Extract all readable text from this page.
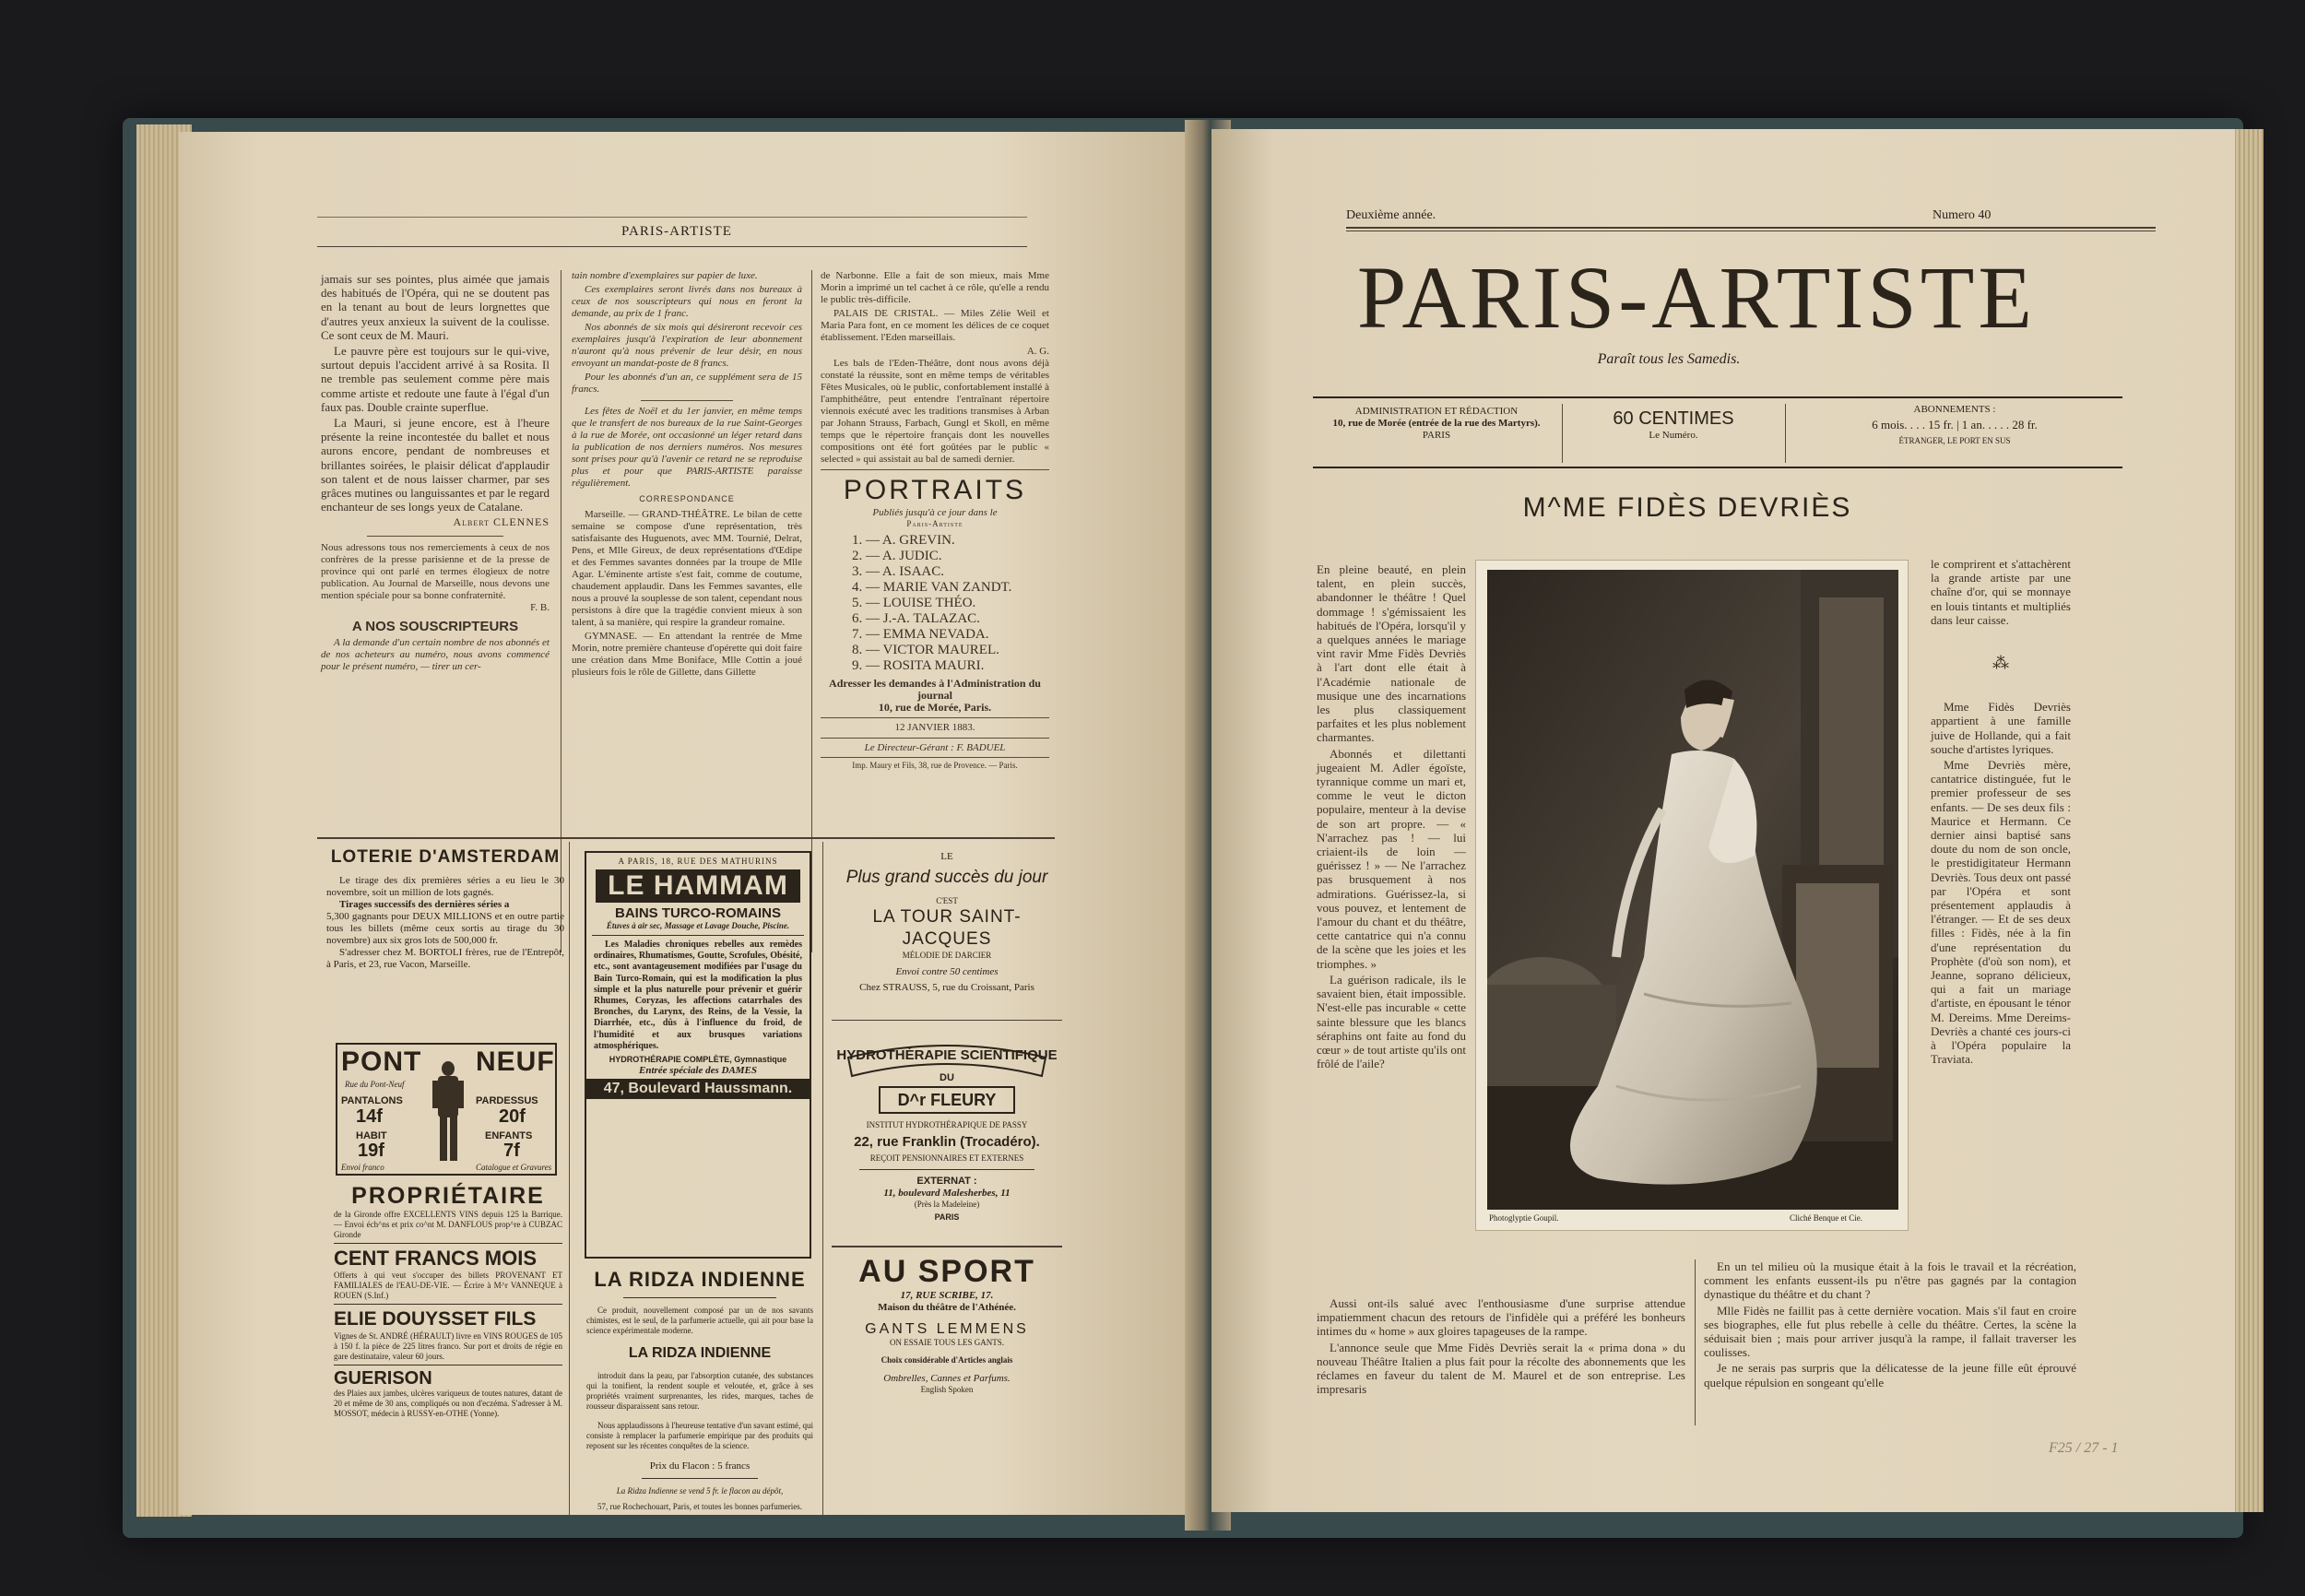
PARIS-ARTISTE

jamais sur ses pointes, plus aimée que jamais des habitués de l'Opéra, qui ne se doutent pas en la tenant au bout de leurs lorgnettes que d'autres yeux anxieux la suivent de la coulisse. Ce sont ceux de M. Mauri.

Le pauvre père est toujours sur le qui-vive, surtout depuis l'accident arrivé à sa Rosita. Il ne tremble pas seulement comme père mais comme artiste et redoute une faute à l'égal d'un faux pas. Double crainte superflue.

La Mauri, si jeune encore, est à l'heure présente la reine incontestée du ballet et nous aurons encore, pendant de nombreuses et brillantes soirées, le plaisir délicat d'applaudir son talent et de nous laisser charmer, par ses grâces mutines ou languissantes et par le regard enchanteur de ses longs yeux de Catalane.

Albert CLENNES
Nous adressons tous nos remerciements à ceux de nos confrères de la presse parisienne et de la presse de province qui ont parlé en termes élogieux de notre publication. Au Journal de Marseille, nous devons une mention spéciale pour sa bonne confraternité.
F. B.
A NOS SOUSCRIPTEURS
A la demande d'un certain nombre de nos abonnés et de nos acheteurs au numéro, nous avons commencé pour le présent numéro, — tirer un cer-

tain nombre d'exemplaires sur papier de luxe.

Ces exemplaires seront livrés dans nos bureaux à ceux de nos souscripteurs qui nous en feront la demande, au prix de 1 franc.

Nos abonnés de six mois qui désireront recevoir ces exemplaires jusqu'à l'expiration de leur abonnement n'auront qu'à nous prévenir de leur désir, en nous envoyant un mandat-poste de 8 francs.

Pour les abonnés d'un an, ce supplément sera de 15 francs.

Les fêtes de Noël et du 1er janvier, en même temps que le transfert de nos bureaux de la rue Saint-Georges à la rue de Morée, ont occasionné un léger retard dans la publication de nos derniers numéros. Nos mesures sont prises pour qu'à l'avenir ce retard ne se reproduise plus et pour que PARIS-ARTISTE paraisse régulièrement.

CORRESPONDANCE

Marseille. — GRAND-THÉÂTRE. Le bilan de cette semaine se compose d'une représentation, très satisfaisante des Huguenots, avec MM. Tournié, Delrat, Pens, et Mlle Gireux, de deux représentations d'Œdipe et des Femmes savantes données par la troupe de Mlle Agar. L'éminente artiste s'est fait, comme de coutume, chaudement applaudir. Dans les Femmes savantes, elle nous a prouvé la souplesse de son talent, cependant nous persistons à dire que la tragédie convient mieux à son talent, à sa manière, qui respire la grandeur romaine.

GYMNASE. — En attendant la rentrée de Mme Morin, notre première chanteuse d'opérette qui doit faire une création dans Mme Boniface, Mlle Cottin a joué plusieurs fois le rôle de Gillette, dans Gillette

de Narbonne. Elle a fait de son mieux, mais Mme Morin a imprimé un tel cachet à ce rôle, qu'elle a rendu le public très-difficile.

PALAIS DE CRISTAL. — Miles Zélie Weil et Maria Para font, en ce moment les délices de ce coquet établissement. l'Eden marseillais.

A. G.

Les bals de l'Eden-Théâtre, dont nous avons déjà constaté la réussite, sont en même temps de véritables Fêtes Musicales, où le public, confortablement installé à l'amphithéâtre, peut entendre l'entraînant répertoire viennois exécuté avec les traditions transmises à Arban par Johann Strauss, Farbach, Gungl et Skoll, en même temps que le répertoire français dont les nouvelles compositions ont été fort goûtées par le public « selected » qui assistait au bal de samedi dernier.

PORTRAITS
Publiés jusqu'à ce jour dans le
Paris-Artiste
1. — A. GREVIN.
2. — A. JUDIC.
3. — A. ISAAC.
4. — MARIE VAN ZANDT.
5. — LOUISE THÉO.
6. — J.-A. TALAZAC.
7. — EMMA NEVADA.
8. — VICTOR MAUREL.
9. — ROSITA MAURI.
Adresser les demandes à l'Administration du journal
10, rue de Morée, Paris.
12 JANVIER 1883.
Le Directeur-Gérant : F. BADUEL
Imp. Maury et Fils, 38, rue de Provence. — Paris.
LOTERIE D'AMSTERDAM
Le tirage des dix premières séries a eu lieu le 30 novembre, soit un million de lots gagnés.
Tirages successifs des dernières séries a
5,300 gagnants pour DEUX MILLIONS et en outre partie tous les billets (même ceux sortis au tirage du 30 novembre) aux six gros lots de 500,000 fr.
S'adresser chez M. BORTOLI frères, rue de l'Entrepôt, à Paris, et 23, rue Vacon, Marseille.
PONT NEUF
Rue du Pont-Neuf
PANTALONS
14f
PARDESSUS
20f
HABIT
19f
ENFANTS
7f
Envoi franco	Catalogue et Gravures
PROPRIÉTAIRE
de la Gironde offre EXCELLENTS VINS depuis 125 la Barrique. — Envoi éch^ns et prix co^nt M. DANFLOUS prop^re à CUBZAC Gironde
CENT FRANCS MOIS
Offerts à qui veut s'occuper des billets PROVENANT ET FAMILIALES de l'EAU-DE-VIE. — Écrire à M^r VANNEQUE à ROUEN (S.Inf.)
ELIE DOUYSSET FILS
Vignes de St. ANDRÉ (HÉRAULT) livre en VINS ROUGES de 105 à 150 f. la pièce de 225 litres franco. Sur port et droits de régie en gare destinataire, valeur 60 jours.
GUERISON
des Plaies aux jambes, ulcères variqueux de toutes natures, datant de 20 et même de 30 ans, compliqués ou non d'eczéma. S'adresser à M. MOSSOT, médecin à RUSSY-en-OTHE (Yonne).
A PARIS, 18, RUE DES MATHURINS
LE HAMMAM
BAINS TURCO-ROMAINS
Étuves à air sec, Massage et Lavage Douche, Piscine.
Les Maladies chroniques rebelles aux remèdes ordinaires, Rhumatismes, Goutte, Scrofules, Obésité, etc., sont avantageusement modifiées par l'usage du Bain Turco-Romain, qui est la modification la plus simple et la plus naturelle pour prévenir et guérir Rhumes, Coryzas, les affections catarrhales des Bronches, du Larynx, des Reins, de la Vessie, la Diarrhée, etc., dûs à l'influence du froid, de l'humidité et aux brusques variations atmosphériques.
HYDROTHÉRAPIE COMPLÈTE, Gymnastique
Entrée spéciale des DAMES
47, Boulevard Haussmann.
LA RIDZA INDIENNE
Ce produit, nouvellement composé par un de nos savants chimistes, est le seul, de la parfumerie actuelle, qui ait pour base la science expérimentale moderne.
LA RIDZA INDIENNE
introduit dans la peau, par l'absorption cutanée, des substances qui la tonifient, la rendent souple et veloutée, et, grâce à ses propriétés vraiment surprenantes, les rides, marques, taches de rousseur disparaissent sans retour.
Nous applaudissons à l'heureuse tentative d'un savant estimé, qui consiste à remplacer la parfumerie empirique par des produits qui reposent sur les récentes conquêtes de la science.
Prix du Flacon : 5 francs
La Ridza Indienne se vend 5 fr. le flacon au dépôt,
57, rue Rochechouart, Paris, et toutes les bonnes parfumeries.
LE
Plus grand succès du jour
C'EST
LA TOUR SAINT-JACQUES
MÉLODIE DE DARCIER
Envoi contre 50 centimes
Chez STRAUSS, 5, rue du Croissant, Paris
HYDROTHÉRAPIE SCIENTIFIQUE
DU
D^r FLEURY
INSTITUT HYDROTHÉRAPIQUE DE PASSY
22, rue Franklin (Trocadéro).
REÇOIT PENSIONNAIRES ET EXTERNES
EXTERNAT :
11, boulevard Malesherbes, 11
(Près la Madeleine)
PARIS
AU SPORT
17, RUE SCRIBE, 17.
Maison du théâtre de l'Athénée.
GANTS LEMMENS
ON ESSAIE TOUS LES GANTS.
Choix considérable d'Articles anglais
Ombrelles, Cannes et Parfums.
English Spoken
Deuxième année.	Numero 40
PARIS-ARTISTE
Paraît tous les Samedis.
ADMINISTRATION ET RÉDACTION
10, rue de Morée (entrée de la rue des Martyrs).
PARIS
60 CENTIMES
Le Numéro.
ABONNEMENTS :
6 mois. . . . 15 fr. | 1 an. . . . . 28 fr.
ÉTRANGER, LE PORT EN SUS
M^ME FIDÈS DEVRIÈS
Photoglyptie Goupil.	Cliché Benque et Cie.

En pleine beauté, en plein talent, en plein succès, abandonner le théâtre ! Quel dommage ! s'gémissaient les habitués de l'Opéra, lorsqu'il y a quelques années le mariage vint ravir Mme Fidès Devriès à l'art dont elle était à l'Académie nationale de musique une des incarnations les plus classiquement parfaites et les plus noblement charmantes.

Abonnés et dilettanti jugeaient M. Adler égoïste, tyrannique comme un mari et, comme le veut le dicton populaire, menteur à la devise de son art propre. — « N'arrachez pas ! — lui criaient-ils de loin — guérissez ! » — Ne l'arrachez pas brusquement à nos admirations. Guérissez-la, si vous pouvez, et lentement de l'amour du chant et du théâtre, cette cantatrice qui n'a connu de la scène que les joies et les triomphes. »

La guérison radicale, ils le savaient bien, était impossible. N'est-elle pas incurable « cette sainte blessure que les blancs séraphins ont faite au fond du cœur » de tout artiste qu'ils ont frôlé de l'aile?

le comprirent et s'attachèrent la grande artiste par une chaîne d'or, qui se monnaye en louis tintants et multipliés dans leur caisse.

⁂

Mme Fidès Devriès appartient à une famille juive de Hollande, qui a fait souche d'artistes lyriques.

Mme Devriès mère, cantatrice distinguée, fut le premier professeur de ses enfants. — De ses deux fils : Maurice et Hermann. Ce dernier ainsi baptisé sans doute du nom de son oncle, le prestidigitateur Hermann Devriès. Tous deux ont passé par l'Opéra et sont présentement applaudis à l'étranger. — Et de ses deux filles : Fidès, née à la fin d'une représentation du Prophète (d'où son nom), et Jeanne, soprano délicieux, qui a fait un mariage d'artiste, en épousant le ténor M. Dereims. Mme Dereims-Devriès a chanté ces jours-ci à l'Opéra populaire la Traviata.

Aussi ont-ils salué avec l'enthousiasme d'une surprise attendue impatiemment chacun des retours de l'infidèle qui a préféré les bonheurs intimes du « home » aux gloires tapageuses de la rampe.

L'annonce seule que Mme Fidès Devriès serait la « prima dona » du nouveau Théâtre Italien a plus fait pour la récolte des abonnements que les réclames en faveur du talent de M. Maurel et de son entreprise. Les impresaris

En un tel milieu où la musique était à la fois le travail et la récréation, comment les enfants eussent-ils pu n'être pas gagnés par la contagion dynastique du théâtre et du chant ?

Mlle Fidès ne faillit pas à cette dernière vocation. Mais s'il faut en croire ses biographes, elle fut plus rebelle à celle du théâtre. Certes, la scène la séduisait bien ; mais pour arriver jusqu'à la rampe, il fallait traverser les coulisses.

Je ne serais pas surpris que la délicatesse de la jeune fille eût éprouvé quelque répulsion en songeant qu'elle

F25 / 27 - 1
